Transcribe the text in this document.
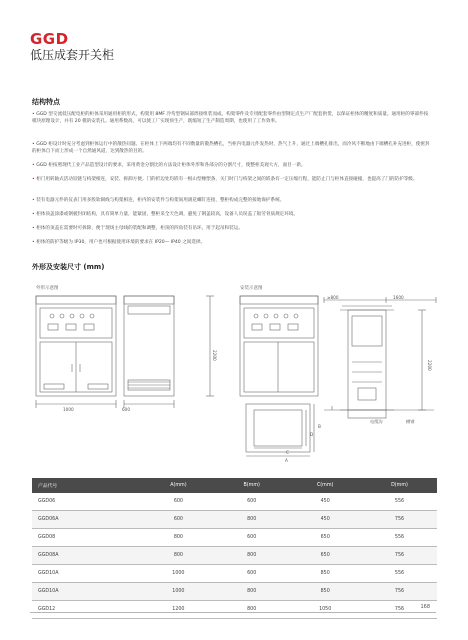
GGD
低压成套开关柜
结构特点
• GGD 型交流低压配电柜的柜体采用通用柜的形式，构架用 8MF 冷弯型钢局部焊接组装而成，构架零件及专用配套零件由型钢定点生产厂配套供货，以保证柜体的精度和质量。通用柜的零部件按模块原理设计，并有 20 模的安装孔。通用系数高，可以使工厂实现预生产，既缩短了生产制造周期，也使用了工作效率。
• GGD 柜设计时充分考虑到柜体运行中的散热问题。在柜体上下两端均有不同数量的散热槽孔，当柜内电器元件发热时，热气上升，通过上端槽孔排出，而冷风不断地由下端槽孔补充进柜，使密封的柜体自下而上形成一个自然通风道，达到散热的目的。
• GGD 柜按照现代工业产品造型设计的要求，采用黄金分割比的方法设计柜体外形和各部分的分割尺寸，使整柜美观大方，面目一新。
• 柜门用转轴式活动铰链与构架相连，安装、拆卸方便。门的折边处均嵌有一根山型橡塑条，关门时门与构架之间的嵌条有一定压缩行程，能防止门与柜体直接碰撞，也提高了门的防护等级。
• 装有电器元件的仪表门用多股软铜线与构架相连，柜内的安装件与构架间用滚花螺钉连接，整柜构成完整的接地保护系统。
• 柜体顶盖涂漆或钢板封闭结构，具有简单力量，能紧固，整柜采全天色调，避免了钢盖较高，设备人员误盖了钣劳骨质规定环境。
• 柜体的顶盖在需要时可拆除，便于现场主母线的装配和调整，柜顶的四角装有吊环，用于起吊和装运。
• 柜体的防护等级为 IP30，用户也可根据使用环境的要求在 IP20— IP40 之间选择。
外形及安装尺寸 (mm)
外形示意图	安装示意图
1000	600
2200
≥800	1600
2200
电缆沟	槽钢
A
C
B
D
产品代号	A(mm)	B(mm)	C(mm)	D(mm)
GGD06	600	600	450	556
GGD06A	600	800	450	756
GGD08	800	600	650	556
GGD08A	800	800	650	756
GGD10A	1000	600	850	556
GGD10A	1000	800	850	756
GGD12	1200	800	1050	756	168
